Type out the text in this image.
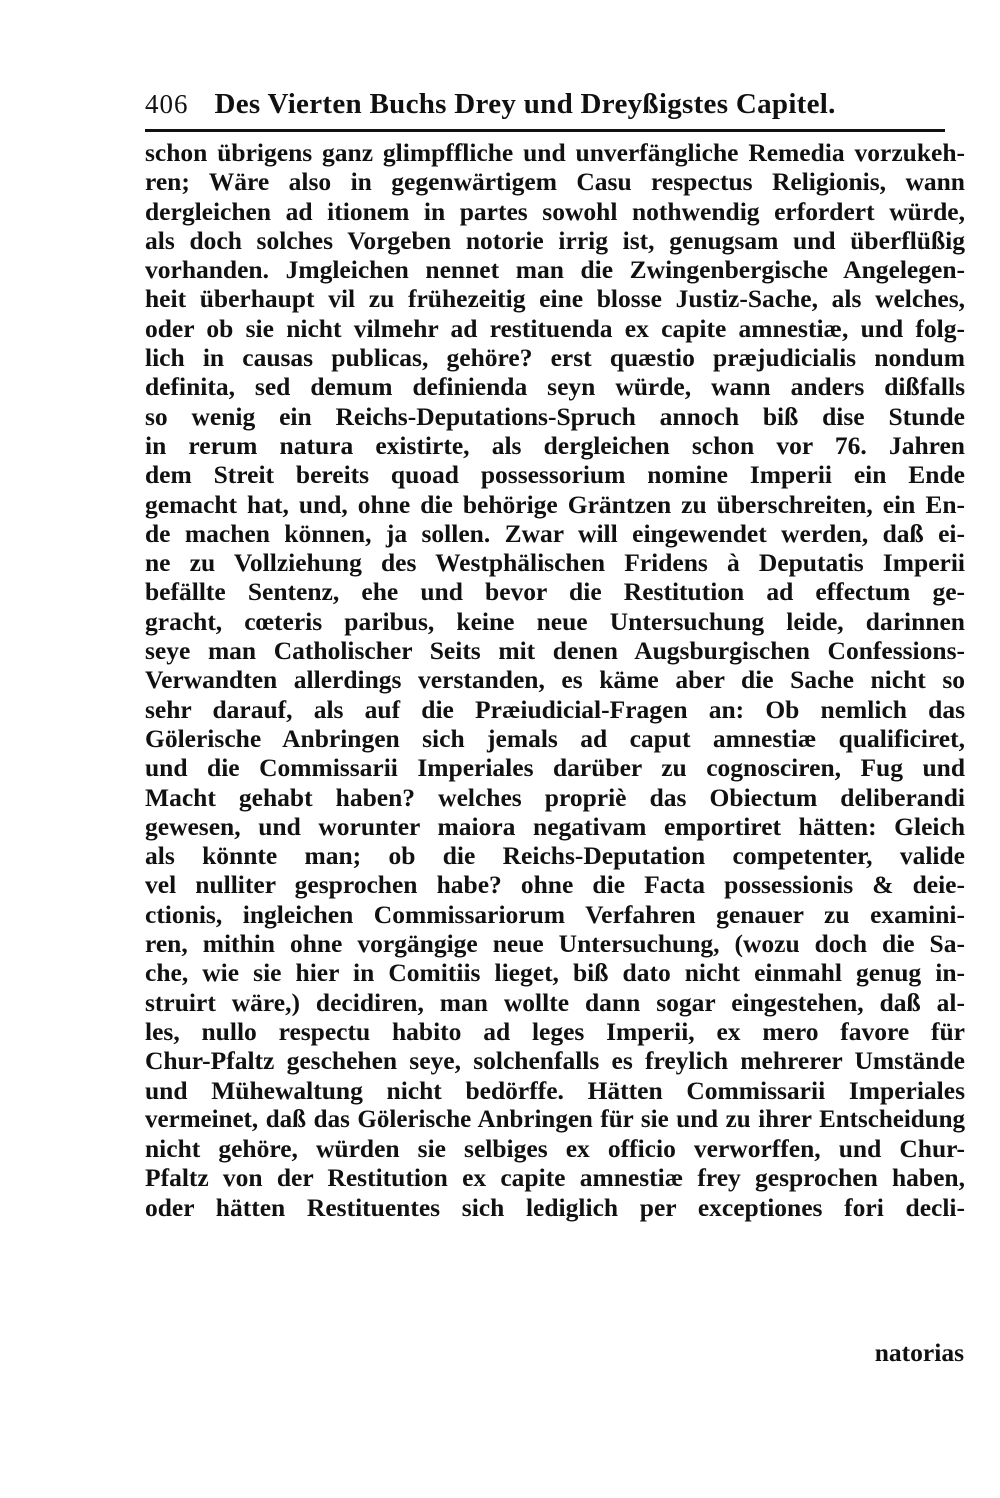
406 Des Vierten Buchs Drey und Dreyßigstes Capitel.
schon übrigens ganz glimpffliche und unverfängliche Remedia vorzukeh-
ren; Wäre also in gegenwärtigem Casu respectus Religionis, wann
dergleichen ad itionem in partes sowohl nothwendig erfordert würde,
als doch solches Vorgeben notorie irrig ist, genugsam und überflüßig
vorhanden. Jmgleichen nennet man die Zwingenbergische Angelegen-
heit überhaupt vil zu frühezeitig eine blosse Justiz-Sache, als welches,
oder ob sie nicht vilmehr ad restituenda ex capite amnestiæ, und folg-
lich in causas publicas, gehöre? erst quæstio præjudicialis nondum
definita, sed demum definienda seyn würde, wann anders dißfalls
so wenig ein Reichs-Deputations-Spruch annoch biß dise Stunde
in rerum natura existirte, als dergleichen schon vor 76. Jahren
dem Streit bereits quoad possessorium nomine Imperii ein Ende
gemacht hat, und, ohne die behörige Gräntzen zu überschreiten, ein En-
de machen können, ja sollen. Zwar will eingewendet werden, daß ei-
ne zu Vollziehung des Westphälischen Fridens à Deputatis Imperii
befällte Sentenz, ehe und bevor die Restitution ad effectum ge-
gracht, cœteris paribus, keine neue Untersuchung leide, darinnen
seye man Catholischer Seits mit denen Augsburgischen Confessions-
Verwandten allerdings verstanden, es käme aber die Sache nicht so
sehr darauf, als auf die Præiudicial-Fragen an: Ob nemlich das
Gölerische Anbringen sich jemals ad caput amnestiæ qualificiret,
und die Commissarii Imperiales darüber zu cognosciren, Fug und
Macht gehabt haben? welches propriè das Obiectum deliberandi
gewesen, und worunter maiora negativam emportiret hätten: Gleich
als könnte man; ob die Reichs-Deputation competenter, valide
vel nulliter gesprochen habe? ohne die Facta possessionis & deie-
ctionis, ingleichen Commissariorum Verfahren genauer zu examini-
ren, mithin ohne vorgängige neue Untersuchung, (wozu doch die Sa-
che, wie sie hier in Comitiis lieget, biß dato nicht einmahl genug in-
struirt wäre,) decidiren, man wollte dann sogar eingestehen, daß al-
les, nullo respectu habito ad leges Imperii, ex mero favore für
Chur-Pfaltz geschehen seye, solchenfalls es freylich mehrerer Umstände
und Mühewaltung nicht bedörffe. Hätten Commissarii Imperiales
vermeinet, daß das Gölerische Anbringen für sie und zu ihrer Entscheidung
nicht gehöre, würden sie selbiges ex officio verworffen, und Chur-
Pfaltz von der Restitution ex capite amnestiæ frey gesprochen haben,
oder hätten Restituentes sich lediglich per exceptiones fori decli-
natorias
